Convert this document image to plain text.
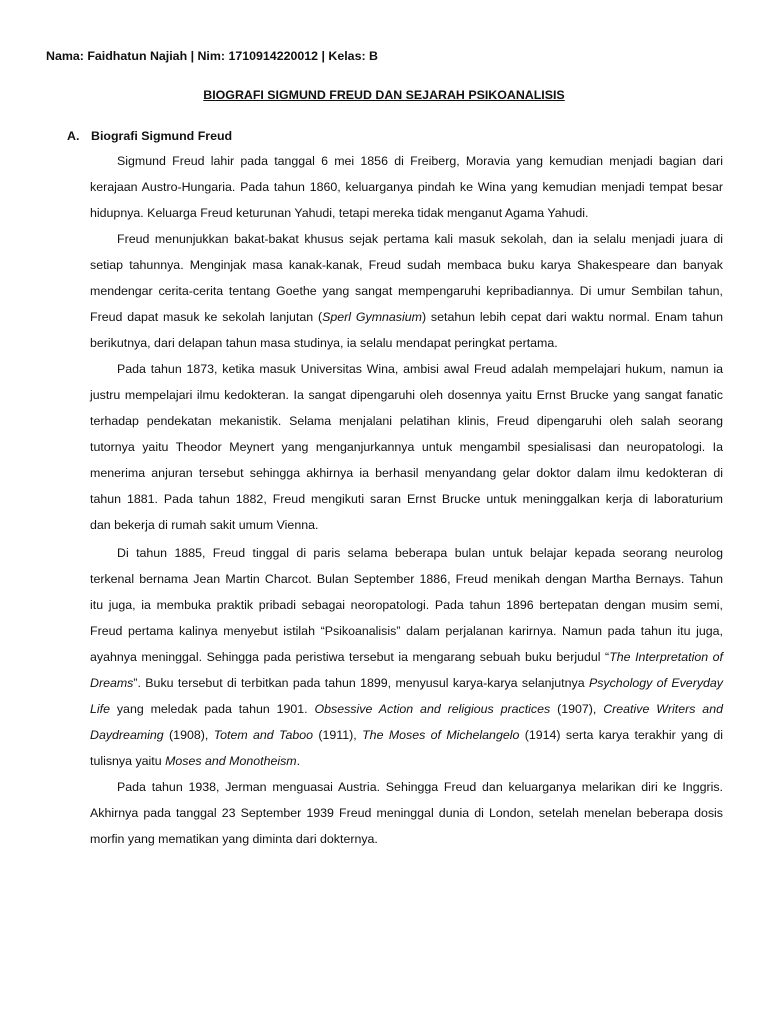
Nama: Faidhatun Najiah | Nim: 1710914220012 | Kelas: B
BIOGRAFI SIGMUND FREUD DAN SEJARAH PSIKOANALISIS
A. Biografi Sigmund Freud
Sigmund Freud lahir pada tanggal 6 mei 1856 di Freiberg, Moravia yang kemudian menjadi bagian dari
kerajaan Austro-Hungaria. Pada tahun 1860, keluarganya pindah ke Wina yang kemudian menjadi tempat besar
hidupnya. Keluarga Freud keturunan Yahudi, tetapi mereka tidak menganut Agama Yahudi.
Freud menunjukkan bakat-bakat khusus sejak pertama kali masuk sekolah, dan ia selalu menjadi juara di
setiap tahunnya. Menginjak masa kanak-kanak, Freud sudah membaca buku karya Shakespeare dan banyak
mendengar cerita-cerita tentang Goethe yang sangat mempengaruhi kepribadiannya. Di umur Sembilan tahun,
Freud dapat masuk ke sekolah lanjutan (Sperl Gymnasium) setahun lebih cepat dari waktu normal. Enam tahun
berikutnya, dari delapan tahun masa studinya, ia selalu mendapat peringkat pertama.
Pada tahun 1873, ketika masuk Universitas Wina, ambisi awal Freud adalah mempelajari hukum, namun ia
justru mempelajari ilmu kedokteran. Ia sangat dipengaruhi oleh dosennya yaitu Ernst Brucke yang sangat fanatic
terhadap pendekatan mekanistik. Selama menjalani pelatihan klinis, Freud dipengaruhi oleh salah seorang
tutornya yaitu Theodor Meynert yang menganjurkannya untuk mengambil spesialisasi dan neuropatologi. Ia
menerima anjuran tersebut sehingga akhirnya ia berhasil menyandang gelar doktor dalam ilmu kedokteran di
tahun 1881. Pada tahun 1882, Freud mengikuti saran Ernst Brucke untuk meninggalkan kerja di laboraturium
dan bekerja di rumah sakit umum Vienna.
Di tahun 1885, Freud tinggal di paris selama beberapa bulan untuk belajar kepada seorang neurolog
terkenal bernama Jean Martin Charcot. Bulan September 1886, Freud menikah dengan Martha Bernays. Tahun
itu juga, ia membuka praktik pribadi sebagai neoropatologi. Pada tahun 1896 bertepatan dengan musim semi,
Freud pertama kalinya menyebut istilah “Psikoanalisis” dalam perjalanan karirnya. Namun pada tahun itu juga,
ayahnya meninggal. Sehingga pada peristiwa tersebut ia mengarang sebuah buku berjudul “The Interpretation of
Dreams”. Buku tersebut di terbitkan pada tahun 1899, menyusul karya-karya selanjutnya Psychology of Everyday
Life yang meledak pada tahun 1901. Obsessive Action and religious practices (1907), Creative Writers and
Daydreaming (1908), Totem and Taboo (1911), The Moses of Michelangelo (1914) serta karya terakhir yang di
tulisnya yaitu Moses and Monotheism.
Pada tahun 1938, Jerman menguasai Austria. Sehingga Freud dan keluarganya melarikan diri ke Inggris.
Akhirnya pada tanggal 23 September 1939 Freud meninggal dunia di London, setelah menelan beberapa dosis
morfin yang mematikan yang diminta dari dokternya.
